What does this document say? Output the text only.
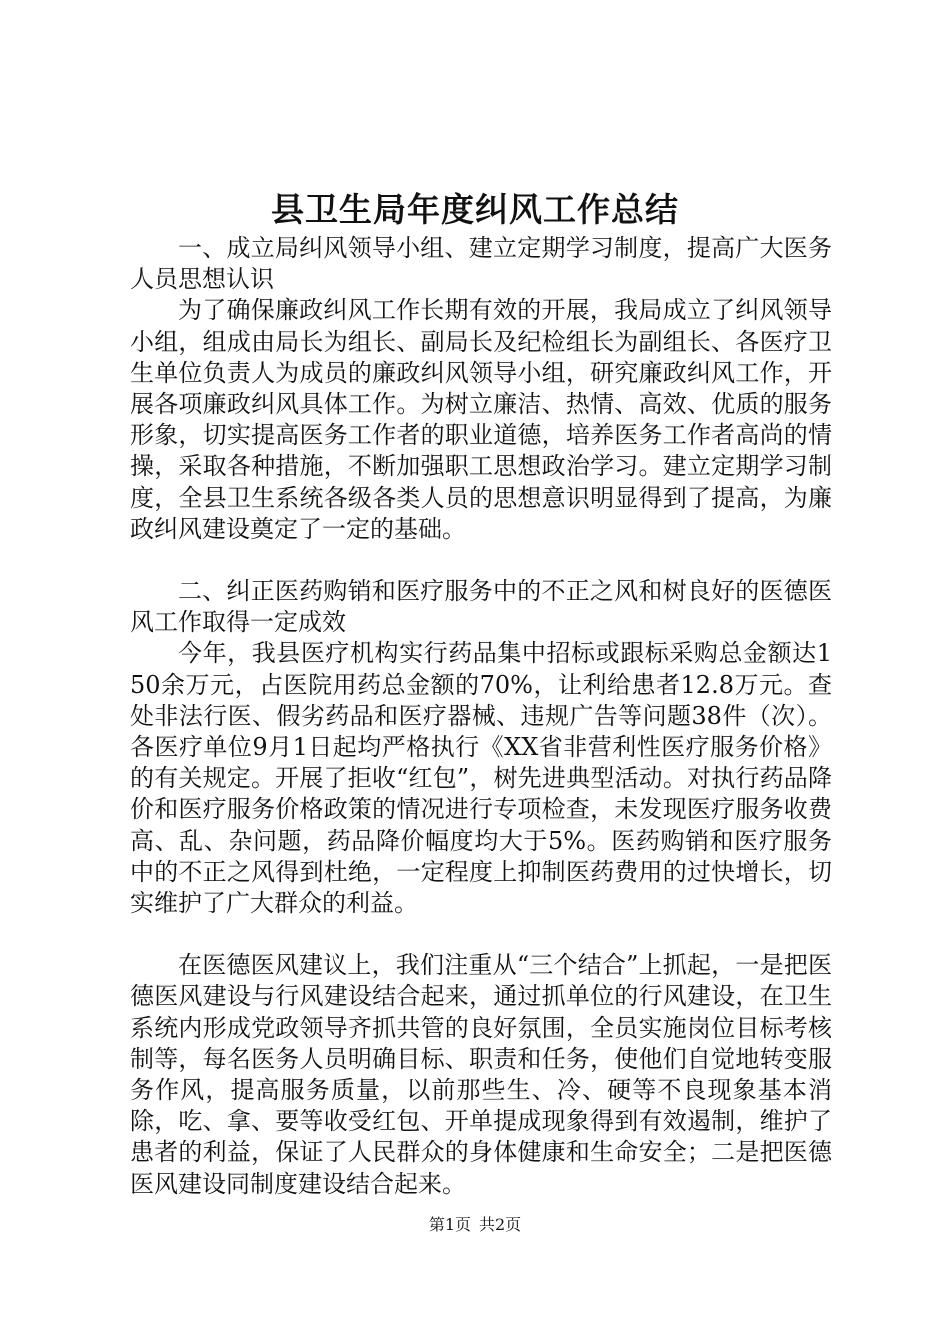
县卫生局年度纠风工作总结

一、成立局纠风领导小组、建立定期学习制度，提高广大医务人员思想认识

为了确保廉政纠风工作长期有效的开展，我局成立了纠风领导小组，组成由局长为组长、副局长及纪检组长为副组长、各医疗卫生单位负责人为成员的廉政纠风领导小组，研究廉政纠风工作，开展各项廉政纠风具体工作。为树立廉洁、热情、高效、优质的服务形象，切实提高医务工作者的职业道德，培养医务工作者高尚的情操，采取各种措施，不断加强职工思想政治学习。建立定期学习制度，全县卫生系统各级各类人员的思想意识明显得到了提高，为廉政纠风建设奠定了一定的基础。

二、纠正医药购销和医疗服务中的不正之风和树良好的医德医风工作取得一定成效

今年，我县医疗机构实行药品集中招标或跟标采购总金额达150余万元，占医院用药总金额的70%，让利给患者12.8万元。查处非法行医、假劣药品和医疗器械、违规广告等问题38件（次）。各医疗单位9月1日起均严格执行《XX省非营利性医疗服务价格》的有关规定。开展了拒收“红包”，树先进典型活动。对执行药品降价和医疗服务价格政策的情况进行专项检查，未发现医疗服务收费高、乱、杂问题，药品降价幅度均大于5%。医药购销和医疗服务中的不正之风得到杜绝，一定程度上抑制医药费用的过快增长，切实维护了广大群众的利益。

在医德医风建议上，我们注重从“三个结合”上抓起，一是把医德医风建设与行风建设结合起来，通过抓单位的行风建设，在卫生系统内形成党政领导齐抓共管的良好氛围，全员实施岗位目标考核制等，每名医务人员明确目标、职责和任务，使他们自觉地转变服务作风，提高服务质量，以前那些生、冷、硬等不良现象基本消除，吃、拿、要等收受红包、开单提成现象得到有效遏制，维护了患者的利益，保证了人民群众的身体健康和生命安全；二是把医德医风建设同制度建设结合起来。

第1页 共2页
